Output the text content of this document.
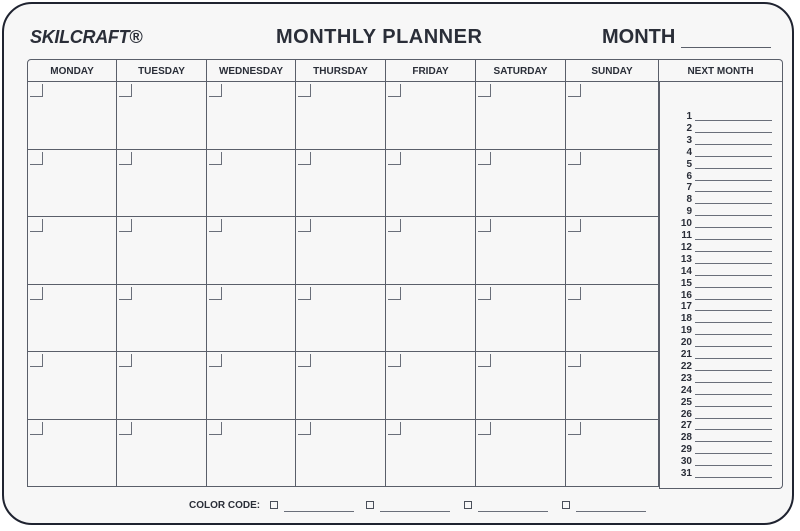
SKILCRAFT®	MONTHLY PLANNER	MONTH
MONDAY	TUESDAY	WEDNESDAY	THURSDAY	FRIDAY	SATURDAY	SUNDAY	NEXT MONTH
1
2
3
4
5
6
7
8
9
10
11
12
13
14
15
16
17
18
19
20
21
22
23
24
25
26
27
28
29
30
31
COLOR CODE:
